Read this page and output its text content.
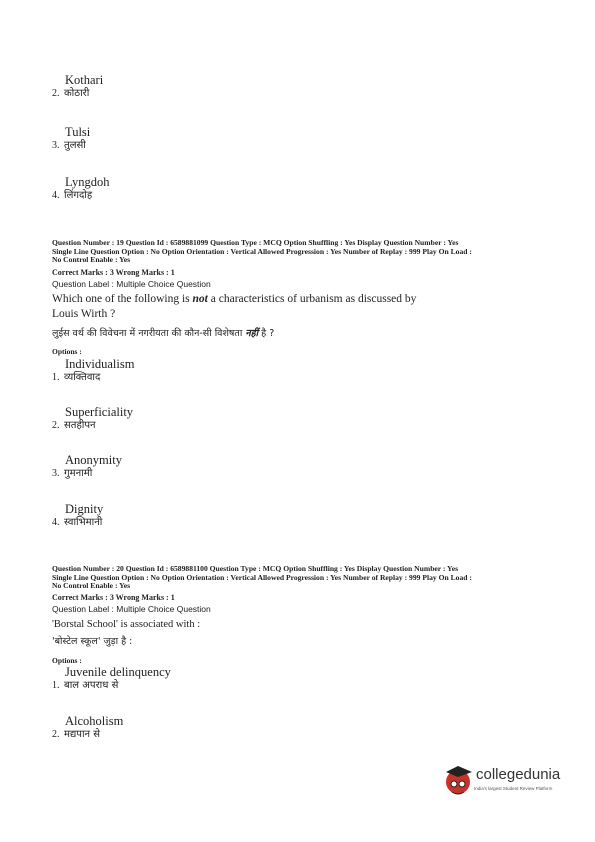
Kothari
2. कोठारी
Tulsi
3. तुलसी
Lyngdoh
4. लिंगदोह
Question Number : 19 Question Id : 6589881099 Question Type : MCQ Option Shuffling : Yes Display Question Number : Yes
Single Line Question Option : No Option Orientation : Vertical Allowed Progression : Yes Number of Replay : 999 Play On Load :
No Control Enable : Yes
Correct Marks : 3 Wrong Marks : 1
Question Label : Multiple Choice Question
Which one of the following is not a characteristics of urbanism as discussed by
Louis Wirth ?
लुईस वर्थ की विवेचना में नगरीयता की कौन-सी विशेषता नहीं है ?
Options :
Individualism
1. व्यक्तिवाद
Superficiality
2. सतहीपन
Anonymity
3. गुमनामी
Dignity
4. स्वाभिमानी
Question Number : 20 Question Id : 6589881100 Question Type : MCQ Option Shuffling : Yes Display Question Number : Yes
Single Line Question Option : No Option Orientation : Vertical Allowed Progression : Yes Number of Replay : 999 Play On Load :
No Control Enable : Yes
Correct Marks : 3 Wrong Marks : 1
Question Label : Multiple Choice Question
'Borstal School' is associated with :
'बोस्टेल स्कूल' जुड़ा है :
Options :
Juvenile delinquency
1. बाल अपराध से
Alcoholism
2. मद्यपान से
collegedunia
India's largest Student Review Platform
